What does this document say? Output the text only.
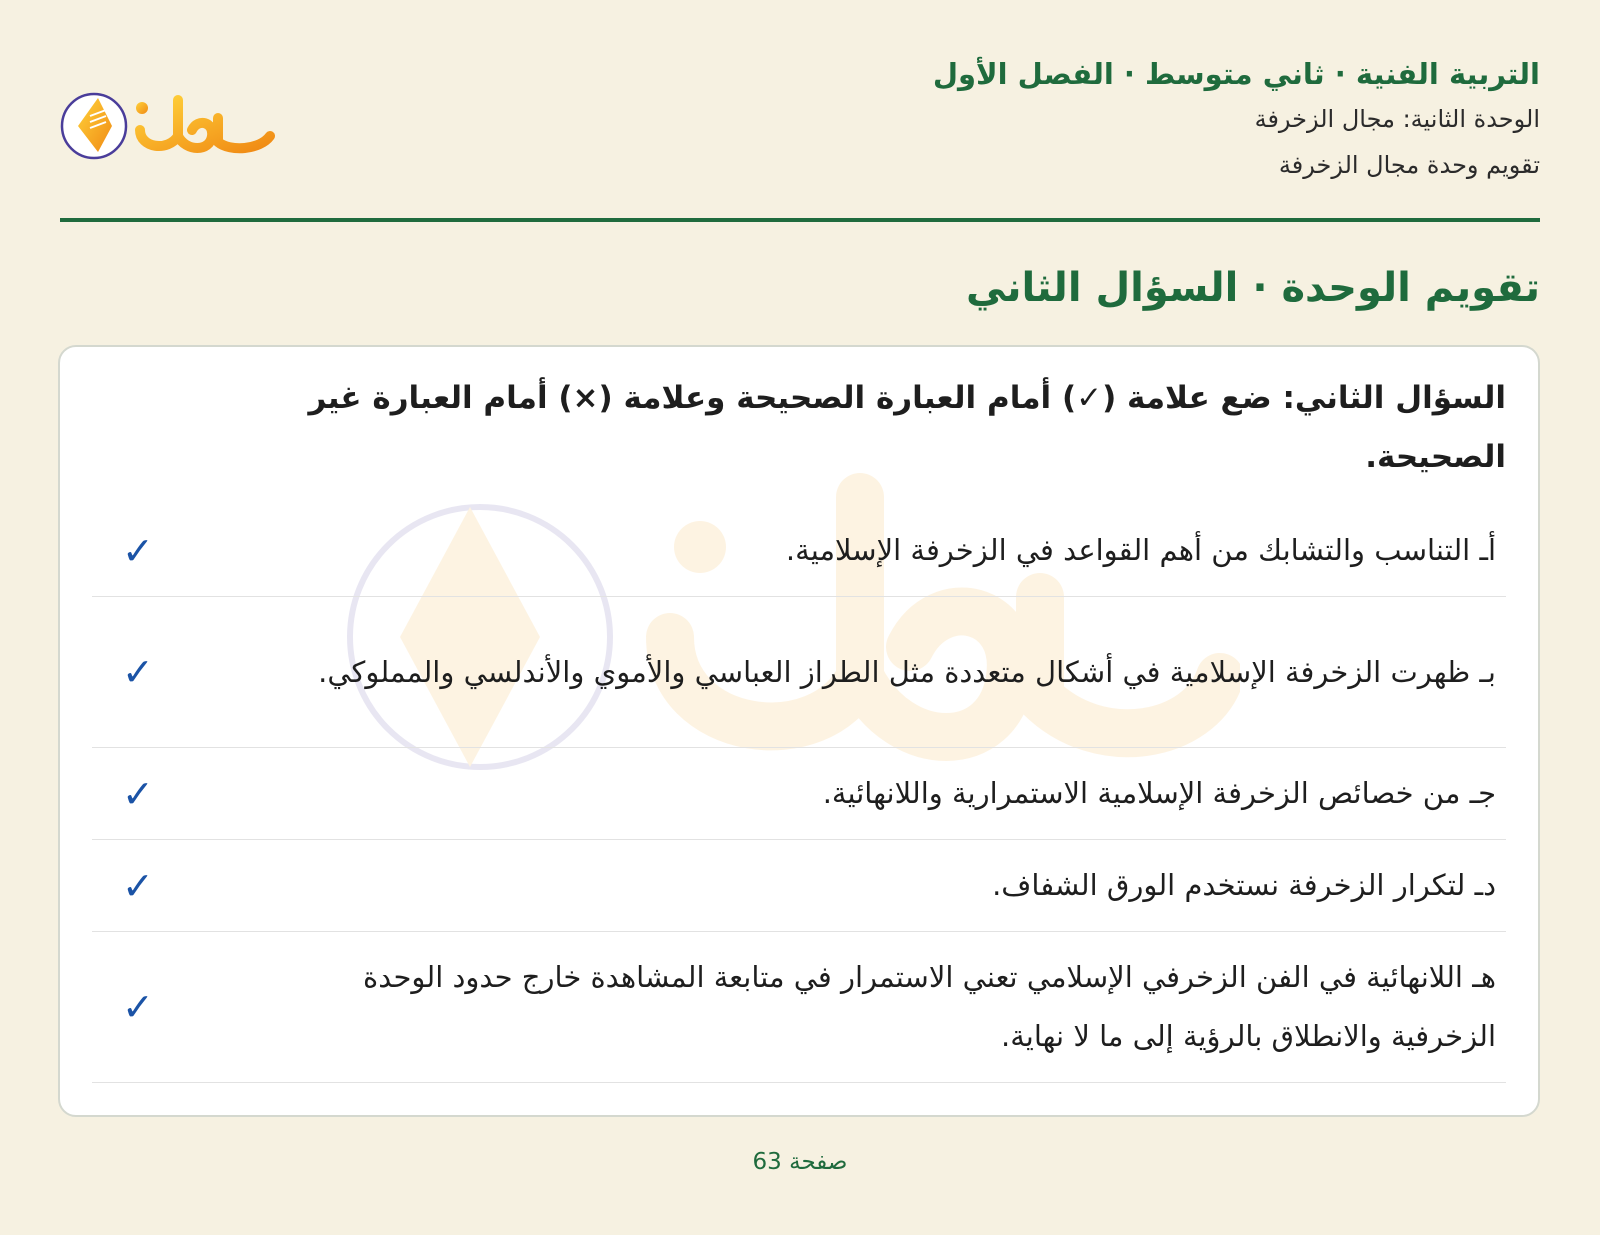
التربية الفنية · ثاني متوسط · الفصل الأول
الوحدة الثانية: مجال الزخرفة
تقويم وحدة مجال الزخرفة
تقويم الوحدة · السؤال الثاني
السؤال الثاني: ضع علامة (✓) أمام العبارة الصحيحة وعلامة (×) أمام العبارة غير الصحيحة.
أـ التناسب والتشابك من أهم القواعد في الزخرفة الإسلامية.
✓
بـ ظهرت الزخرفة الإسلامية في أشكال متعددة مثل الطراز العباسي والأموي والأندلسي والمملوكي.
✓
جـ من خصائص الزخرفة الإسلامية الاستمرارية واللانهائية.
✓
دـ لتكرار الزخرفة نستخدم الورق الشفاف.
✓
هـ اللانهائية في الفن الزخرفي الإسلامي تعني الاستمرار في متابعة المشاهدة خارج حدود الوحدة الزخرفية والانطلاق بالرؤية إلى ما لا نهاية.
✓
صفحة 63
